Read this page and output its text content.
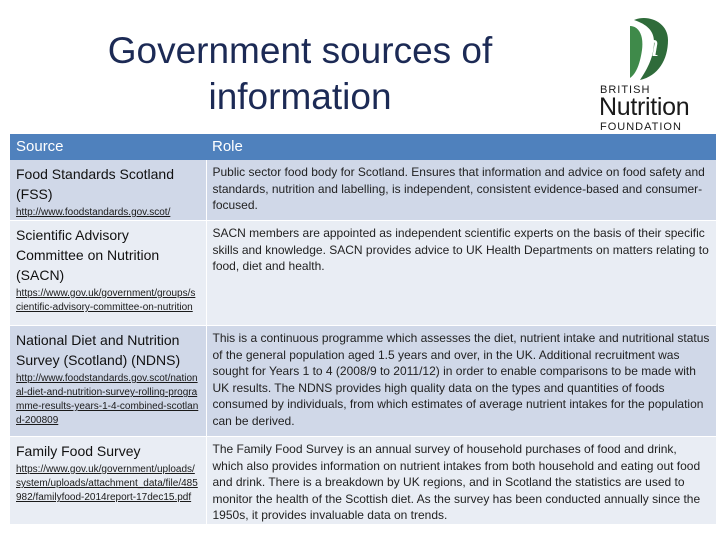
Government sources of information
n
BRITISH
Nutrition
FOUNDATION
Source	Role

Food Standards Scotland (FSS)
http://www.foodstandards.gov.scot/	Public sector food body for Scotland. Ensures that information and advice on food safety and standards, nutrition and labelling, is independent, consistent evidence-based and consumer-focused.

Scientific Advisory Committee on Nutrition (SACN)
https://www.gov.uk/government/groups/scientific-advisory-committee-on-nutrition	SACN members are appointed as independent scientific experts on the basis of their specific skills and knowledge. SACN provides advice to UK Health Departments on matters relating to food, diet and health.

National Diet and Nutrition Survey (Scotland) (NDNS)
http://www.foodstandards.gov.scot/national-diet-and-nutrition-survey-rolling-programme-results-years-1-4-combined-scotland-200809	This is a continuous programme which assesses the diet, nutrient intake and nutritional status of the general population aged 1.5 years and over, in the UK. Additional recruitment was sought for Years 1 to 4 (2008/9 to 2011/12) in order to enable comparisons to be made with UK results. The NDNS provides high quality data on the types and quantities of foods consumed by individuals, from which estimates of average nutrient intakes for the population can be derived.

Family Food Survey
https://www.gov.uk/government/uploads/system/uploads/attachment_data/file/485982/familyfood-2014report-17dec15.pdf	The Family Food Survey is an annual survey of household purchases of food and drink, which also provides information on nutrient intakes from both household and eating out food and drink. There is a breakdown by UK regions, and in Scotland the statistics are used to monitor the health of the Scottish diet. As the survey has been conducted annually since the 1950s, it provides invaluable data on trends.
